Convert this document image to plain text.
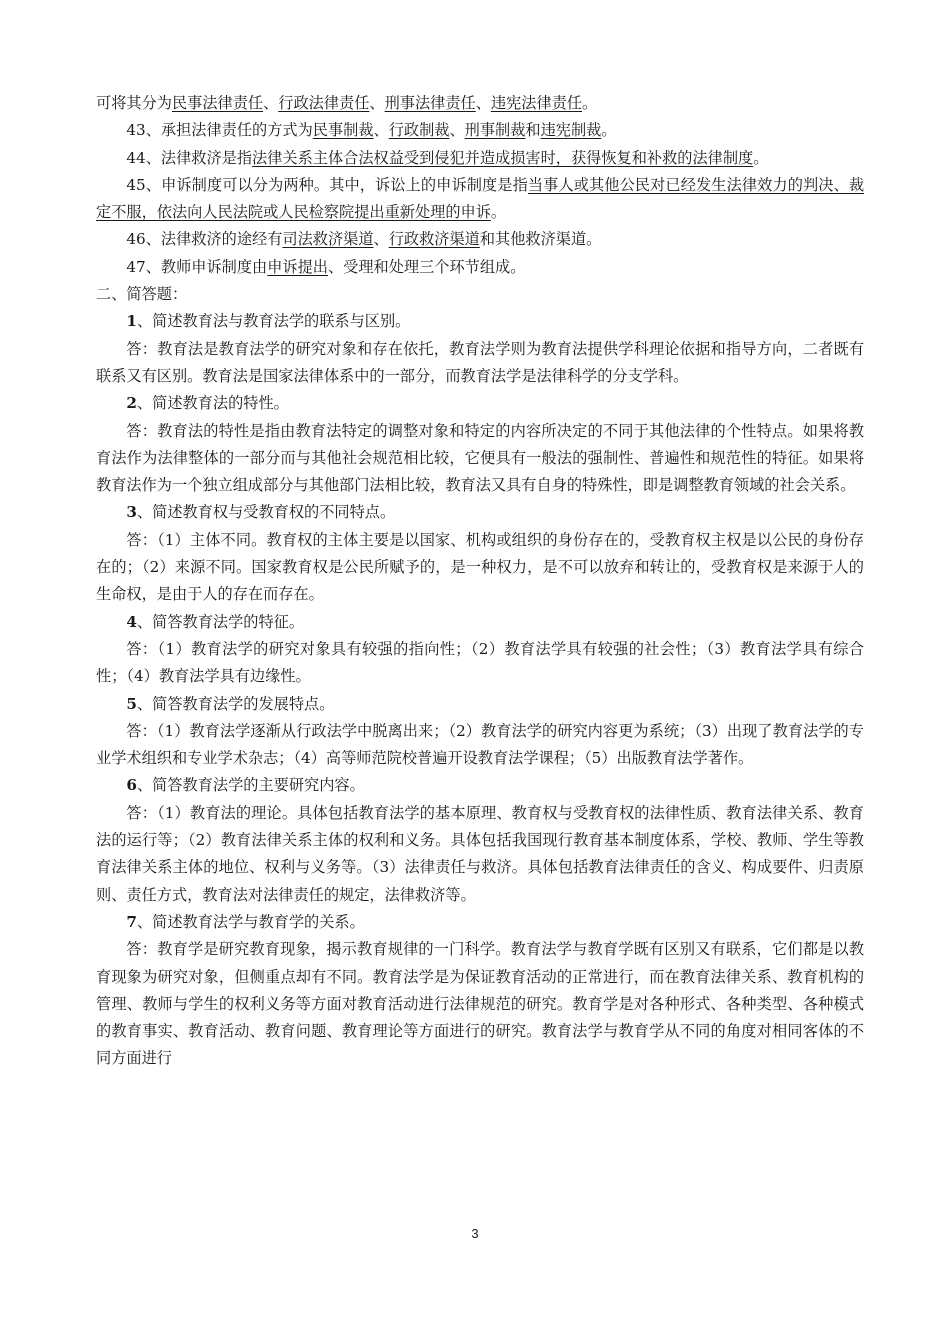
可将其分为民事法律责任、行政法律责任、刑事法律责任、违宪法律责任。

43、承担法律责任的方式为民事制裁、行政制裁、刑事制裁和违宪制裁。

44、法律救济是指法律关系主体合法权益受到侵犯并造成损害时，获得恢复和补救的法律制度。

45、申诉制度可以分为两种。其中，诉讼上的申诉制度是指当事人或其他公民对已经发生法律效力的判决、裁定不服，依法向人民法院或人民检察院提出重新处理的申诉。

46、法律救济的途经有司法救济渠道、行政救济渠道和其他救济渠道。

47、教师申诉制度由申诉提出、受理和处理三个环节组成。

二、简答题：

1、简述教育法与教育法学的联系与区别。

答：教育法是教育法学的研究对象和存在依托，教育法学则为教育法提供学科理论依据和指导方向，二者既有联系又有区别。教育法是国家法律体系中的一部分，而教育法学是法律科学的分支学科。

2、简述教育法的特性。

答：教育法的特性是指由教育法特定的调整对象和特定的内容所决定的不同于其他法律的个性特点。如果将教育法作为法律整体的一部分而与其他社会规范相比较，它便具有一般法的强制性、普遍性和规范性的特征。如果将教育法作为一个独立组成部分与其他部门法相比较，教育法又具有自身的特殊性，即是调整教育领域的社会关系。

3、简述教育权与受教育权的不同特点。

答：（1）主体不同。教育权的主体主要是以国家、机构或组织的身份存在的，受教育权主权是以公民的身份存在的；（2）来源不同。国家教育权是公民所赋予的，是一种权力，是不可以放弃和转让的，受教育权是来源于人的生命权，是由于人的存在而存在。

4、简答教育法学的特征。

答：（1）教育法学的研究对象具有较强的指向性；（2）教育法学具有较强的社会性；（3）教育法学具有综合性；（4）教育法学具有边缘性。

5、简答教育法学的发展特点。

答：（1）教育法学逐渐从行政法学中脱离出来；（2）教育法学的研究内容更为系统；（3）出现了教育法学的专业学术组织和专业学术杂志；（4）高等师范院校普遍开设教育法学课程；（5）出版教育法学著作。

6、简答教育法学的主要研究内容。

答：（1）教育法的理论。具体包括教育法学的基本原理、教育权与受教育权的法律性质、教育法律关系、教育法的运行等；（2）教育法律关系主体的权利和义务。具体包括我国现行教育基本制度体系，学校、教师、学生等教育法律关系主体的地位、权利与义务等。（3）法律责任与救济。具体包括教育法律责任的含义、构成要件、归责原则、责任方式，教育法对法律责任的规定，法律救济等。

7、简述教育法学与教育学的关系。

答：教育学是研究教育现象，揭示教育规律的一门科学。教育法学与教育学既有区别又有联系，它们都是以教育现象为研究对象，但侧重点却有不同。教育法学是为保证教育活动的正常进行，而在教育法律关系、教育机构的管理、教师与学生的权利义务等方面对教育活动进行法律规范的研究。教育学是对各种形式、各种类型、各种模式的教育事实、教育活动、教育问题、教育理论等方面进行的研究。教育法学与教育学从不同的角度对相同客体的不同方面进行

3
